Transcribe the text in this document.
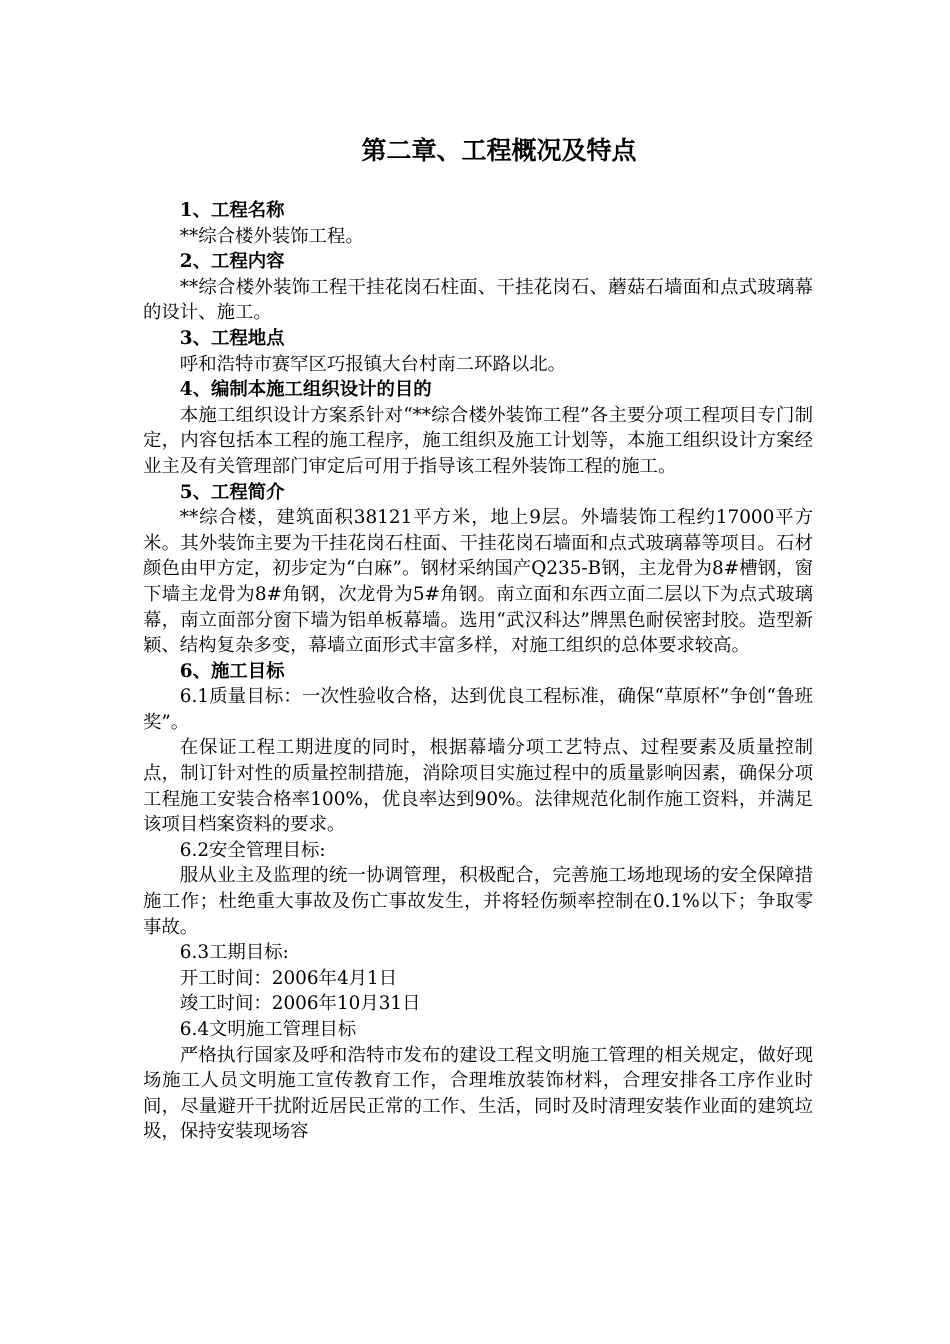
第二章、工程概况及特点
1、工程名称
**综合楼外装饰工程。
2、工程内容
**综合楼外装饰工程干挂花岗石柱面、干挂花岗石、蘑菇石墙面和点式玻璃幕的设计、施工。
3、工程地点
呼和浩特市赛罕区巧报镇大台村南二环路以北。
4、编制本施工组织设计的目的
本施工组织设计方案系针对“**综合楼外装饰工程”各主要分项工程项目专门制定，内容包括本工程的施工程序，施工组织及施工计划等，本施工组织设计方案经业主及有关管理部门审定后可用于指导该工程外装饰工程的施工。
5、工程简介
**综合楼，建筑面积38121平方米，地上9层。外墙装饰工程约17000平方米。其外装饰主要为干挂花岗石柱面、干挂花岗石墙面和点式玻璃幕等项目。石材颜色由甲方定，初步定为“白麻”。钢材采纳国产Q235-B钢，主龙骨为8#槽钢，窗下墙主龙骨为8#角钢，次龙骨为5#角钢。南立面和东西立面二层以下为点式玻璃幕，南立面部分窗下墙为铝单板幕墙。选用“武汉科达”牌黑色耐侯密封胶。造型新颖、结构复杂多变，幕墙立面形式丰富多样，对施工组织的总体要求较高。
6、施工目标
6.1质量目标：一次性验收合格，达到优良工程标准，确保“草原杯”争创“鲁班奖”。
在保证工程工期进度的同时，根据幕墙分项工艺特点、过程要素及质量控制点，制订针对性的质量控制措施，消除项目实施过程中的质量影响因素，确保分项工程施工安装合格率100%，优良率达到90%。法律规范化制作施工资料，并满足该项目档案资料的要求。
6.2安全管理目标:
服从业主及监理的统一协调管理，积极配合，完善施工场地现场的安全保障措施工作；杜绝重大事故及伤亡事故发生，并将轻伤频率控制在0.1%以下；争取零事故。
6.3工期目标:
开工时间：2006年4月1日
竣工时间：2006年10月31日
6.4文明施工管理目标
严格执行国家及呼和浩特市发布的建设工程文明施工管理的相关规定，做好现场施工人员文明施工宣传教育工作，合理堆放装饰材料，合理安排各工序作业时间，尽量避开干扰附近居民正常的工作、生活，同时及时清理安装作业面的建筑垃圾，保持安装现场容
